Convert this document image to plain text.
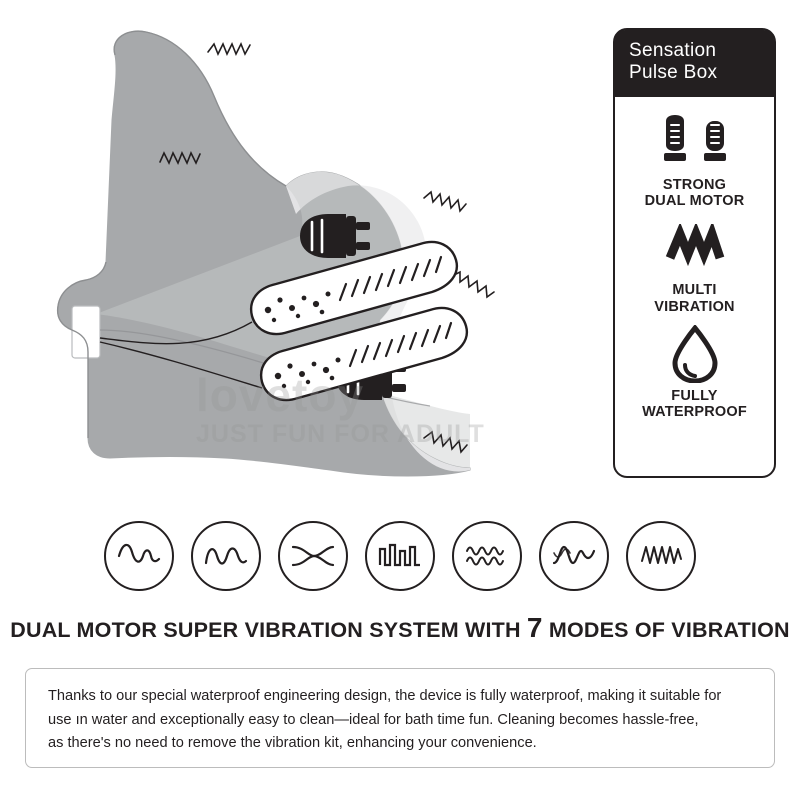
lovetoy
JUST FUN FOR ADULT
Sensation
Pulse Box
STRONG
DUAL MOTOR
MULTI
VIBRATION
FULLY
WATERPROOF
DUAL MOTOR SUPER VIBRATION SYSTEM WITH 7 MODES OF VIBRATION

Thanks to our special waterproof engineering design, the device is fully waterproof, making it suitable for

use ın water and exceptionally easy to clean—ideal for bath time fun. Cleaning becomes hassle-free,

as there's no need to remove the vibration kit, enhancing your convenience.
